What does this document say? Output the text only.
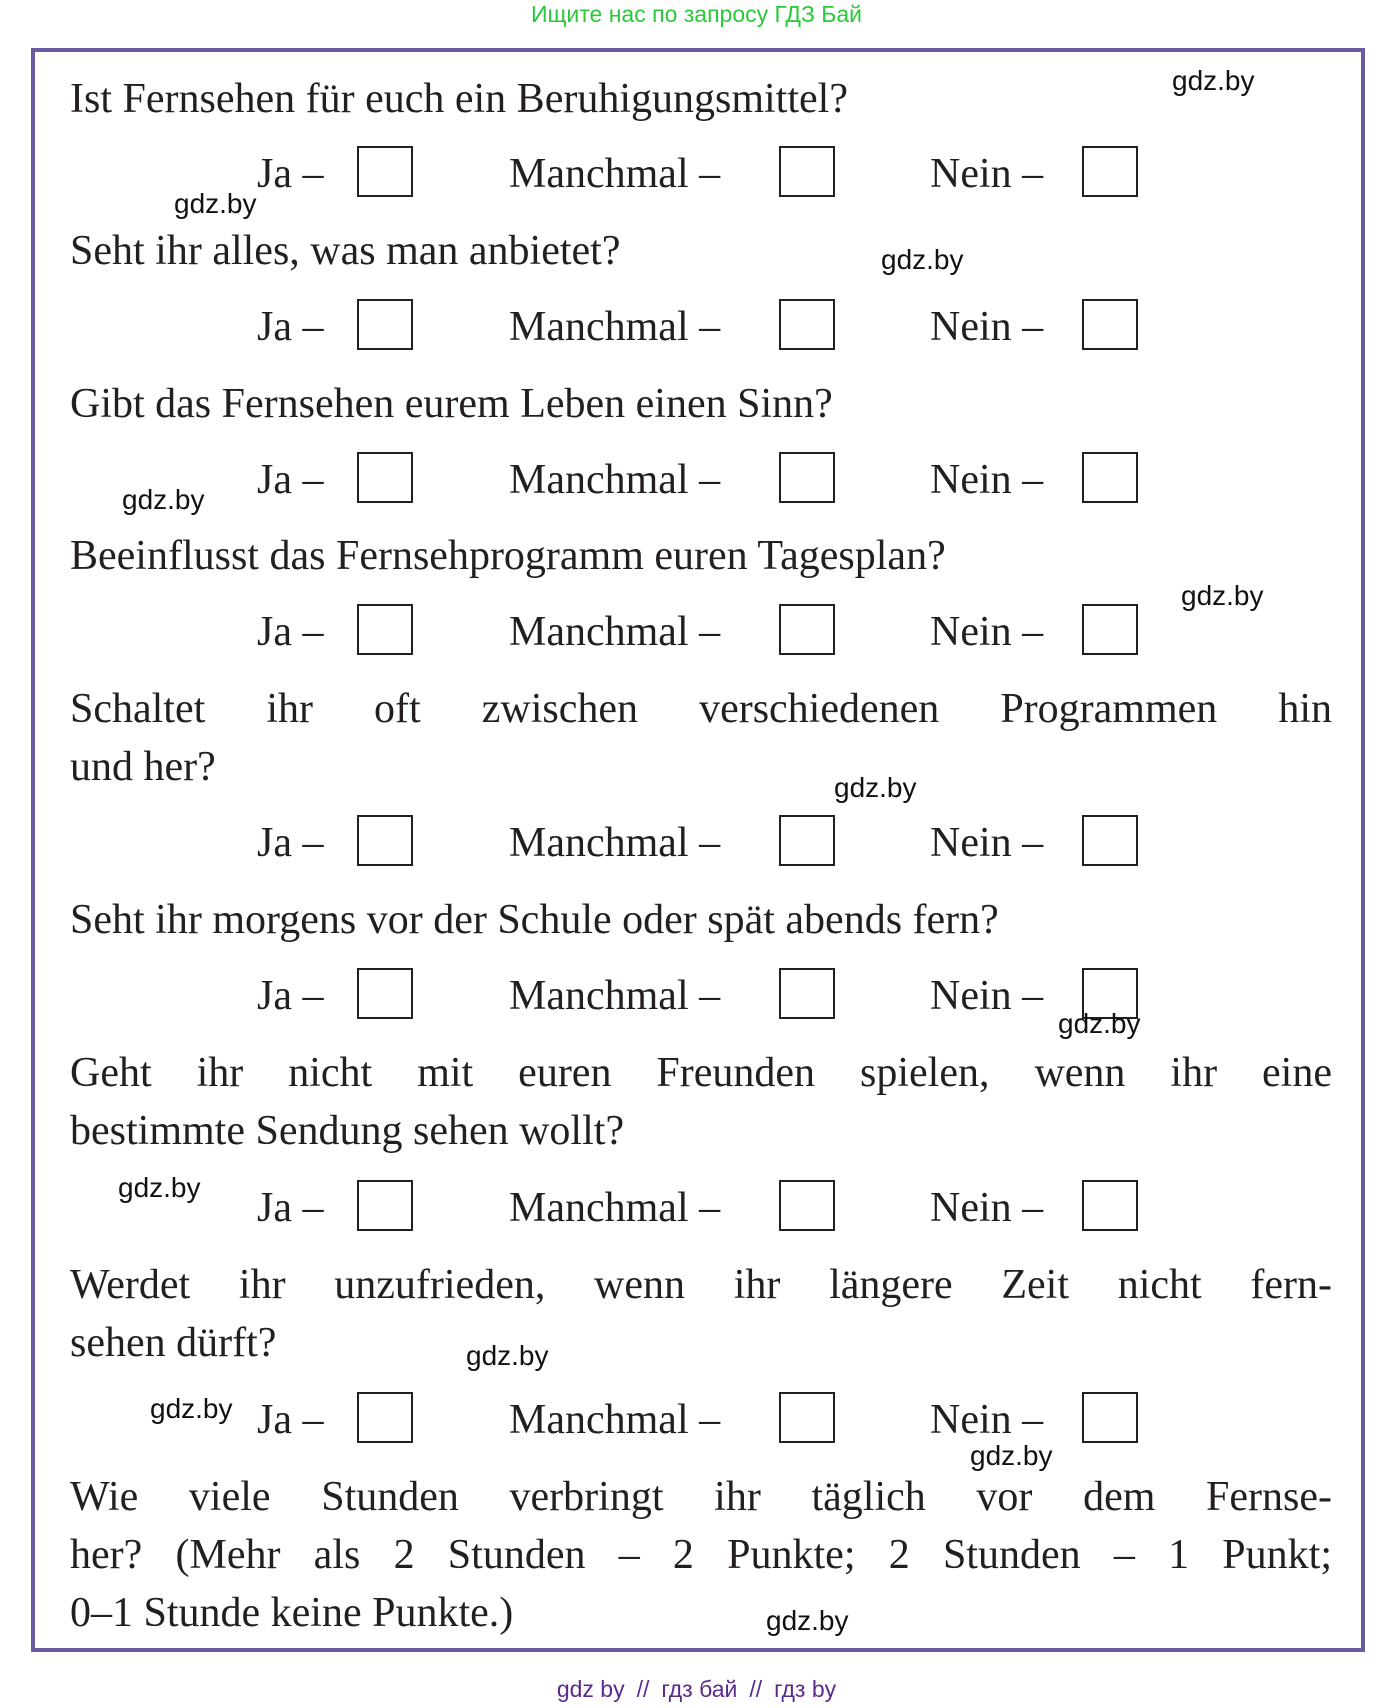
Ищите нас по запросу ГДЗ Бай

Ist Fernsehen für euch ein Beruhigungsmittel?

Ja –	Manchmal –	Nein –

Seht ihr alles, was man anbietet?

Ja –	Manchmal –	Nein –

Gibt das Fernsehen eurem Leben einen Sinn?

Ja –	Manchmal –	Nein –

Beeinflusst das Fernsehprogramm euren Tagesplan?

Ja –	Manchmal –	Nein –

Schaltet ihr oft zwischen verschiedenen Programmen hin
und her?

Ja –	Manchmal –	Nein –

Seht ihr morgens vor der Schule oder spät abends fern?

Ja –	Manchmal –	Nein –

Geht ihr nicht mit euren Freunden spielen, wenn ihr eine
bestimmte Sendung sehen wollt?

Ja –	Manchmal –	Nein –

Werdet ihr unzufrieden, wenn ihr längere Zeit nicht fern-
sehen dürft?

Ja –	Manchmal –	Nein –

Wie viele Stunden verbringt ihr täglich vor dem Fernse-
her? (Mehr als 2 Stunden – 2 Punkte; 2 Stunden – 1 Punkt;
0–1 Stunde keine Punkte.)

gdz.by
gdz.by
gdz.by
gdz.by
gdz.by
gdz.by
gdz.by
gdz.by
gdz.by
gdz.by
gdz.by
gdz.by
gdz by // гдз бай // гдз by
